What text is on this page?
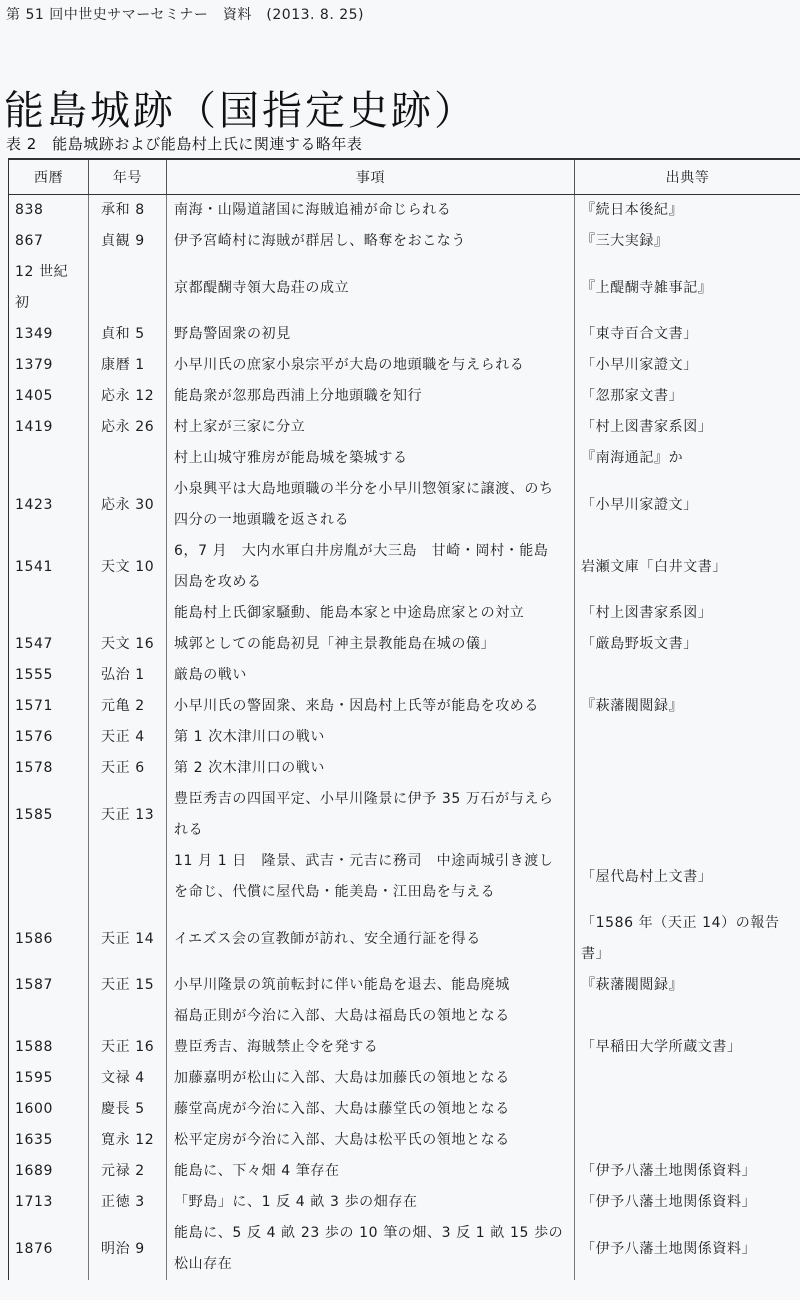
第 51 回中世史サマーセミナー　資料　(2013. 8. 25)
能島城跡（国指定史跡）
表 2　能島城跡および能島村上氏に関連する略年表
西暦	年号	事項	出典等
838	承和 8	南海・山陽道諸国に海賊追補が命じられる	『続日本後紀』
867	貞観 9	伊予宮崎村に海賊が群居し、略奪をおこなう	『三大実録』
12 世紀初		京都醍醐寺領大島荘の成立	『上醍醐寺雑事記』
1349	貞和 5	野島警固衆の初見	「東寺百合文書」
1379	康暦 1	小早川氏の庶家小泉宗平が大島の地頭職を与えられる	「小早川家證文」
1405	応永 12	能島衆が忽那島西浦上分地頭職を知行	「忽那家文書」
1419	応永 26	村上家が三家に分立	「村上図書家系図」
		村上山城守雅房が能島城を築城する	『南海通記』か
1423	応永 30	小泉興平は大島地頭職の半分を小早川惣領家に譲渡、のち四分の一地頭職を返される	「小早川家證文」
1541	天文 10	6，7 月　大内水軍白井房胤が大三島　甘崎・岡村・能島　因島を攻める	岩瀬文庫「白井文書」
		能島村上氏御家騒動、能島本家と中途島庶家との対立	「村上図書家系図」
1547	天文 16	城郭としての能島初見「神主景教能島在城の儀」	「厳島野坂文書」
1555	弘治 1	厳島の戦い	
1571	元亀 2	小早川氏の警固衆、来島・因島村上氏等が能島を攻める	『萩藩閥閲録』
1576	天正 4	第 1 次木津川口の戦い	
1578	天正 6	第 2 次木津川口の戦い	
1585	天正 13	豊臣秀吉の四国平定、小早川隆景に伊予 35 万石が与えられる	
		11 月 1 日　隆景、武吉・元吉に務司　中途両城引き渡しを命じ、代償に屋代島・能美島・江田島を与える	「屋代島村上文書」
1586	天正 14	イエズス会の宣教師が訪れ、安全通行証を得る	「1586 年（天正 14）の報告書」
1587	天正 15	小早川隆景の筑前転封に伴い能島を退去、能島廃城	『萩藩閥閲録』
		福島正則が今治に入部、大島は福島氏の領地となる	
1588	天正 16	豊臣秀吉、海賊禁止令を発する	「早稲田大学所蔵文書」
1595	文禄 4	加藤嘉明が松山に入部、大島は加藤氏の領地となる	
1600	慶長 5	藤堂高虎が今治に入部、大島は藤堂氏の領地となる	
1635	寛永 12	松平定房が今治に入部、大島は松平氏の領地となる	
1689	元禄 2	能島に、下々畑 4 筆存在	「伊予八藩土地関係資料」
1713	正徳 3	「野島」に、1 反 4 畝 3 歩の畑存在	「伊予八藩土地関係資料」
1876	明治 9	能島に、5 反 4 畝 23 歩の 10 筆の畑、3 反 1 畝 15 歩の松山存在	「伊予八藩土地関係資料」
